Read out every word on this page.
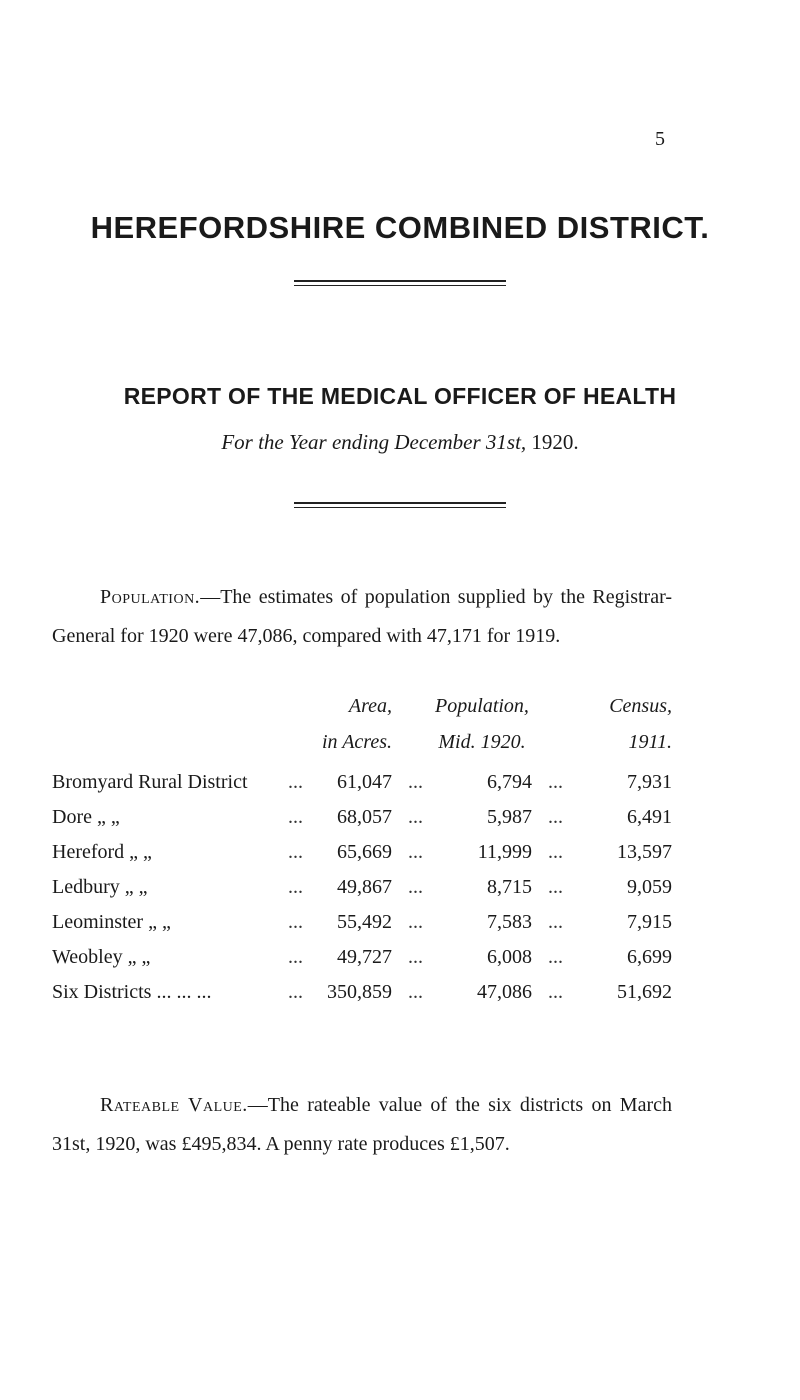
5
HEREFORDSHIRE COMBINED DISTRICT.
REPORT OF THE MEDICAL OFFICER OF HEALTH
For the Year ending December 31st, 1920.
Population.—The estimates of population supplied by the Registrar-General for 1920 were 47,086, compared with 47,171 for 1919.
Area,	Population,	Census,
in Acres.	Mid. 1920.	1911.
Bromyard Rural District ...	61,047 ...	6,794 ...	7,931
Dore „ „	...	68,057 ...	5,987 ...	6,491
Hereford „ „	...	65,669 ...	11,999 ...	13,597
Ledbury „ „	...	49,867 ...	8,715 ...	9,059
Leominster „ „	...	55,492 ...	7,583 ...	7,915
Weobley „ „	...	49,727 ...	6,008 ...	6,699
Six Districts ... ... ...	...	350,859 ...	47,086 ...	51,692
Rateable Value.—The rateable value of the six districts on March 31st, 1920, was £495,834. A penny rate produces £1,507.
